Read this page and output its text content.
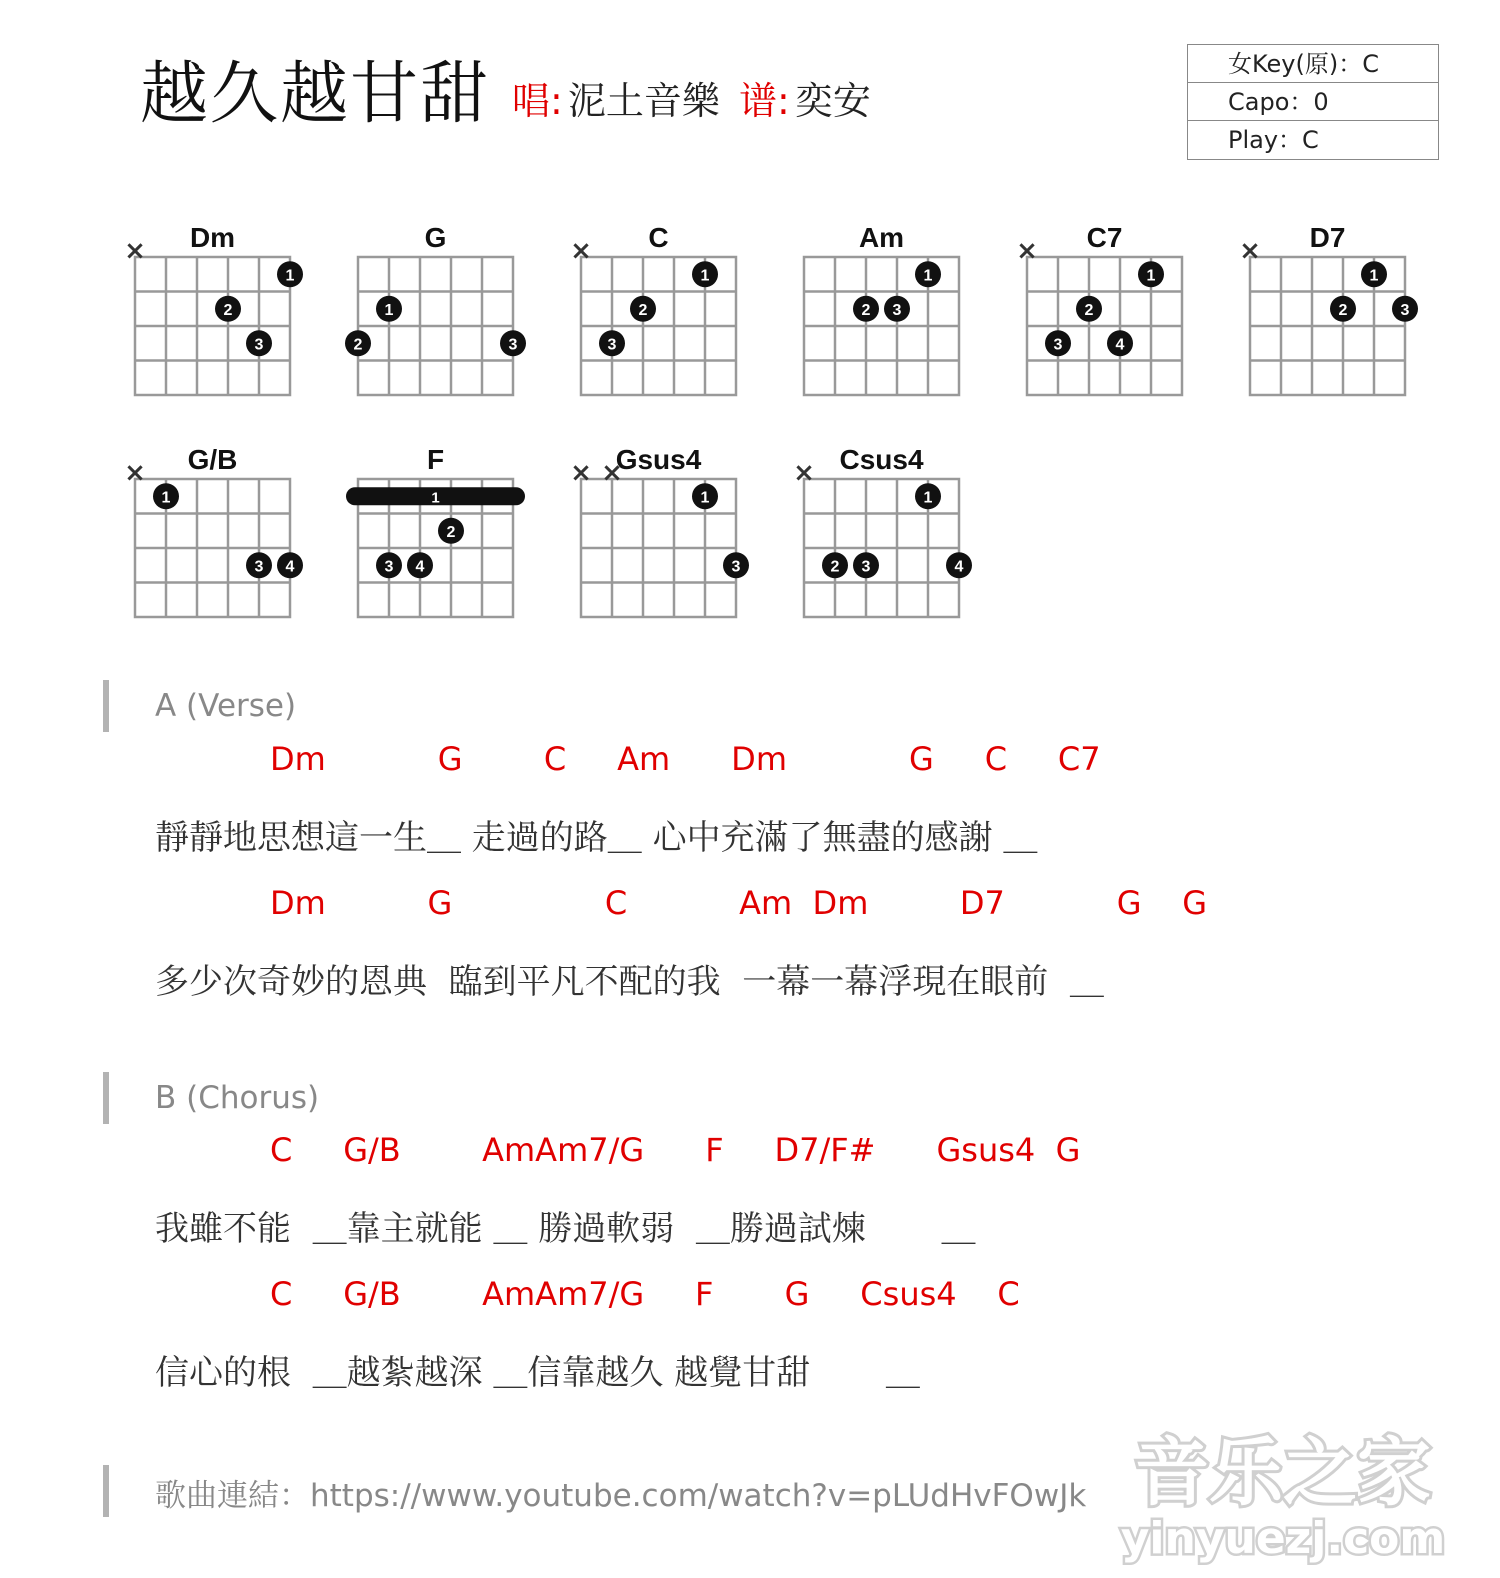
越久越甘甜 唱: 泥土音樂 谱: 奕安
女Key(原)：C
Capo：0
Play：C
Dm
×
1
2
3
G
1
2	3
C
×
1
2
3
Am
1
2 3
C7
×
1
2
3	4
D7
×
1
2	3
G/B
×
1
3 4
F
1
2
3 4
Gsus4
× ×
1
3
Csus4
×
1
2 3	4
A (Verse)
Dm           G        C     Am      Dm            G     C     C7
靜靜地思想這一生＿ 走過的路＿ 心中充滿了無盡的感謝 ＿
Dm          G               C           Am  Dm         D7           G    G
多少次奇妙的恩典  臨到平凡不配的我  一幕一幕浮現在眼前  ＿
B (Chorus)
C     G/B        AmAm7/G      F     D7/F#      Gsus4  G
我雖不能  ＿靠主就能 ＿ 勝過軟弱  ＿勝過試煉       ＿
C     G/B        AmAm7/G     F       G     Csus4    C
信心的根  ＿越紮越深 ＿信靠越久 越覺甘甜       ＿
歌曲連結：https://www.youtube.com/watch?v=pLUdHvFOwJk 音乐之家
yinyuezj.com
